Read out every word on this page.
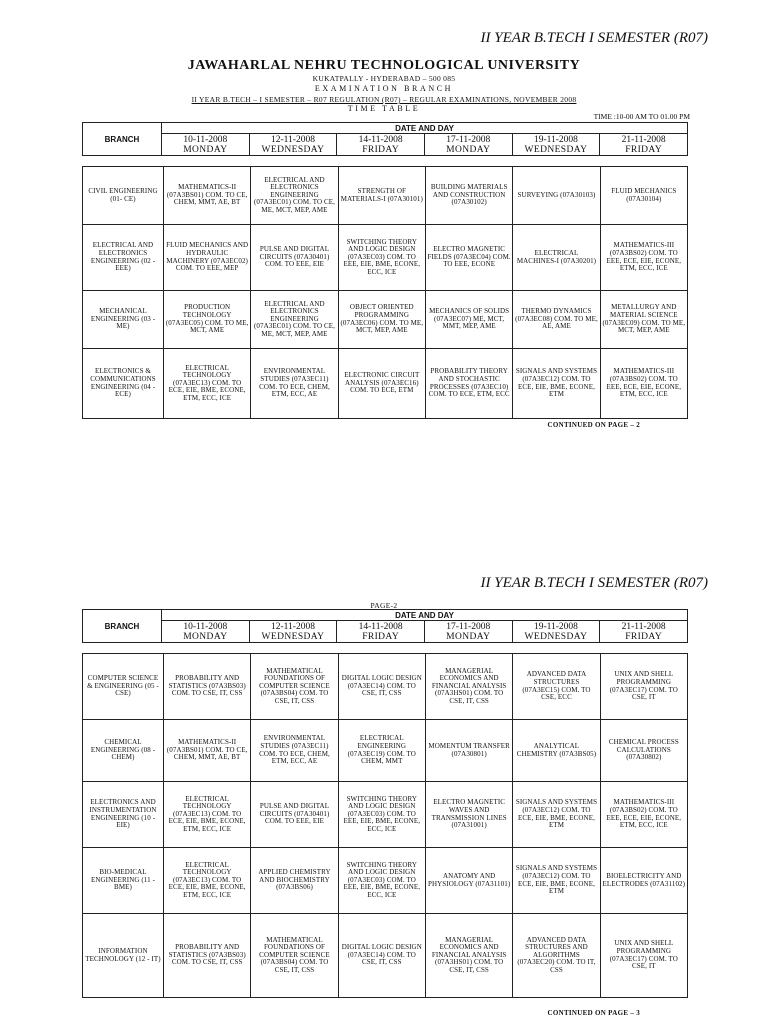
II YEAR B.TECH I SEMESTER (R07)
JAWAHARLAL NEHRU TECHNOLOGICAL UNIVERSITY
KUKATPALLY - HYDERABAD – 500 085
EXAMINATION BRANCH
II YEAR B.TECH – I SEMESTER – R07 REGULATION (R07) – REGULAR EXAMINATIONS, NOVEMBER 2008
TIME TABLE
TIME :10-00 AM TO 01.00 PM
BRANCH	DATE AND DAY					
	10-11-2008	12-11-2008	14-11-2008	17-11-2008	19-11-2008	21-11-2008
	MONDAY	WEDNESDAY	FRIDAY	MONDAY	WEDNESDAY	FRIDAY
CIVIL ENGINEERING (01- CE)	MATHEMATICS-II (07A3BS01) COM. TO CE, CHEM, MMT, AE, BT	ELECTRICAL AND ELECTRONICS ENGINEERING (07A3EC01) COM. TO CE, ME, MCT, MEP, AME	STRENGTH OF MATERIALS-I (07A30101)	BUILDING MATERIALS AND CONSTRUCTION (07A30102)	SURVEYING (07A30103)	FLUID MECHANICS (07A30104)
ELECTRICAL AND ELECTRONICS ENGINEERING (02 - EEE)	FLUID MECHANICS AND HYDRAULIC MACHINERY (07A3EC02) COM. TO EEE, MEP	PULSE AND DIGITAL CIRCUITS (07A30401) COM. TO EEE, EIE	SWITCHING THEORY AND LOGIC DESIGN (07A3EC03) COM. TO EEE, EIE, BME, ECONE, ECC, ICE	ELECTRO MAGNETIC FIELDS (07A3EC04) COM. TO EEE, ECONE	ELECTRICAL MACHINES-I (07A30201)	MATHEMATICS-III (07A3BS02) COM. TO EEE, ECE, EIE, ECONE, ETM, ECC, ICE
MECHANICAL ENGINEERING (03 - ME)	PRODUCTION TECHNOLOGY (07A3EC05) COM. TO ME, MCT, AME	ELECTRICAL AND ELECTRONICS ENGINEERING (07A3EC01) COM. TO CE, ME, MCT, MEP, AME	OBJECT ORIENTED PROGRAMMING (07A3EC06) COM. TO ME, MCT, MEP, AME	MECHANICS OF SOLIDS (07A3EC07) ME, MCT, MMT, MEP, AME	THERMO DYNAMICS (07A3EC08) COM. TO ME, AE, AME	METALLURGY AND MATERIAL SCIENCE (07A3EC09) COM. TO ME, MCT, MEP, AME
ELECTRONICS & COMMUNICATIONS ENGINEERING (04 - ECE)	ELECTRICAL TECHNOLOGY (07A3EC13) COM. TO ECE, EIE, BME, ECONE, ETM, ECC, ICE	ENVIRONMENTAL STUDIES (07A3EC11) COM. TO ECE, CHEM, ETM, ECC, AE	ELECTRONIC CIRCUIT ANALYSIS (07A3EC16) COM. TO ECE, ETM	PROBABILITY THEORY AND STOCHASTIC PROCESSES (07A3EC10) COM. TO ECE, ETM, ECC	SIGNALS AND SYSTEMS (07A3EC12) COM. TO ECE, EIE, BME, ECONE, ETM	MATHEMATICS-III (07A3BS02) COM. TO EEE, ECE, EIE, ECONE, ETM, ECC, ICE
CONTINUED ON PAGE – 2
II YEAR B.TECH I SEMESTER (R07)
PAGE-2
BRANCH	DATE AND DAY					
	10-11-2008	12-11-2008	14-11-2008	17-11-2008	19-11-2008	21-11-2008
	MONDAY	WEDNESDAY	FRIDAY	MONDAY	WEDNESDAY	FRIDAY
COMPUTER SCIENCE & ENGINEERING (05 - CSE)	PROBABILITY AND STATISTICS (07A3BS03) COM. TO CSE, IT, CSS	MATHEMATICAL FOUNDATIONS OF COMPUTER SCIENCE (07A3BS04) COM. TO CSE, IT, CSS	DIGITAL LOGIC DESIGN (07A3EC14) COM. TO CSE, IT, CSS	MANAGERIAL ECONOMICS AND FINANCIAL ANALYSIS (07A3HS01) COM. TO CSE, IT, CSS	ADVANCED DATA STRUCTURES (07A3EC15) COM. TO CSE, ECC	UNIX AND SHELL PROGRAMMING (07A3EC17) COM. TO CSE, IT
CHEMICAL ENGINEERING (08 - CHEM)	MATHEMATICS-II (07A3BS01) COM. TO CE, CHEM, MMT, AE, BT	ENVIRONMENTAL STUDIES (07A3EC11) COM. TO ECE, CHEM, ETM, ECC, AE	ELECTRICAL ENGINEERING (07A3EC19) COM. TO CHEM, MMT	MOMENTUM TRANSFER (07A30801)	ANALYTICAL CHEMISTRY (07A3BS05)	CHEMICAL PROCESS CALCULATIONS (07A30802)
ELECTRONICS AND INSTRUMENTATION ENGINEERING (10 - EIE)	ELECTRICAL TECHNOLOGY (07A3EC13) COM. TO ECE, EIE, BME, ECONE, ETM, ECC, ICE	PULSE AND DIGITAL CIRCUITS (07A30401) COM. TO EEE, EIE	SWITCHING THEORY AND LOGIC DESIGN (07A3EC03) COM. TO EEE, EIE, BME, ECONE, ECC, ICE	ELECTRO MAGNETIC WAVES AND TRANSMISSION LINES (07A31001)	SIGNALS AND SYSTEMS (07A3EC12) COM. TO ECE, EIE, BME, ECONE, ETM	MATHEMATICS-III (07A3BS02) COM. TO EEE, ECE, EIE, ECONE, ETM, ECC, ICE
BIO-MEDICAL ENGINEERING (11 - BME)	ELECTRICAL TECHNOLOGY (07A3EC13) COM. TO ECE, EIE, BME, ECONE, ETM, ECC, ICE	APPLIED CHEMISTRY AND BIOCHEMISTRY (07A3BS06)	SWITCHING THEORY AND LOGIC DESIGN (07A3EC03) COM. TO EEE, EIE, BME, ECONE, ECC, ICE	ANATOMY AND PHYSIOLOGY (07A31101)	SIGNALS AND SYSTEMS (07A3EC12) COM. TO ECE, EIE, BME, ECONE, ETM	BIOELECTRICITY AND ELECTRODES (07A31102)
INFORMATION TECHNOLOGY (12 - IT)	PROBABILITY AND STATISTICS (07A3BS03) COM. TO CSE, IT, CSS	MATHEMATICAL FOUNDATIONS OF COMPUTER SCIENCE (07A3BS04) COM. TO CSE, IT, CSS	DIGITAL LOGIC DESIGN (07A3EC14) COM. TO CSE, IT, CSS	MANAGERIAL ECONOMICS AND FINANCIAL ANALYSIS (07A3HS01) COM. TO CSE, IT, CSS	ADVANCED DATA STRUCTURES AND ALGORITHMS (07A3EC20) COM. TO IT, CSS	UNIX AND SHELL PROGRAMMING (07A3EC17) COM. TO CSE, IT
CONTINUED ON PAGE – 3
